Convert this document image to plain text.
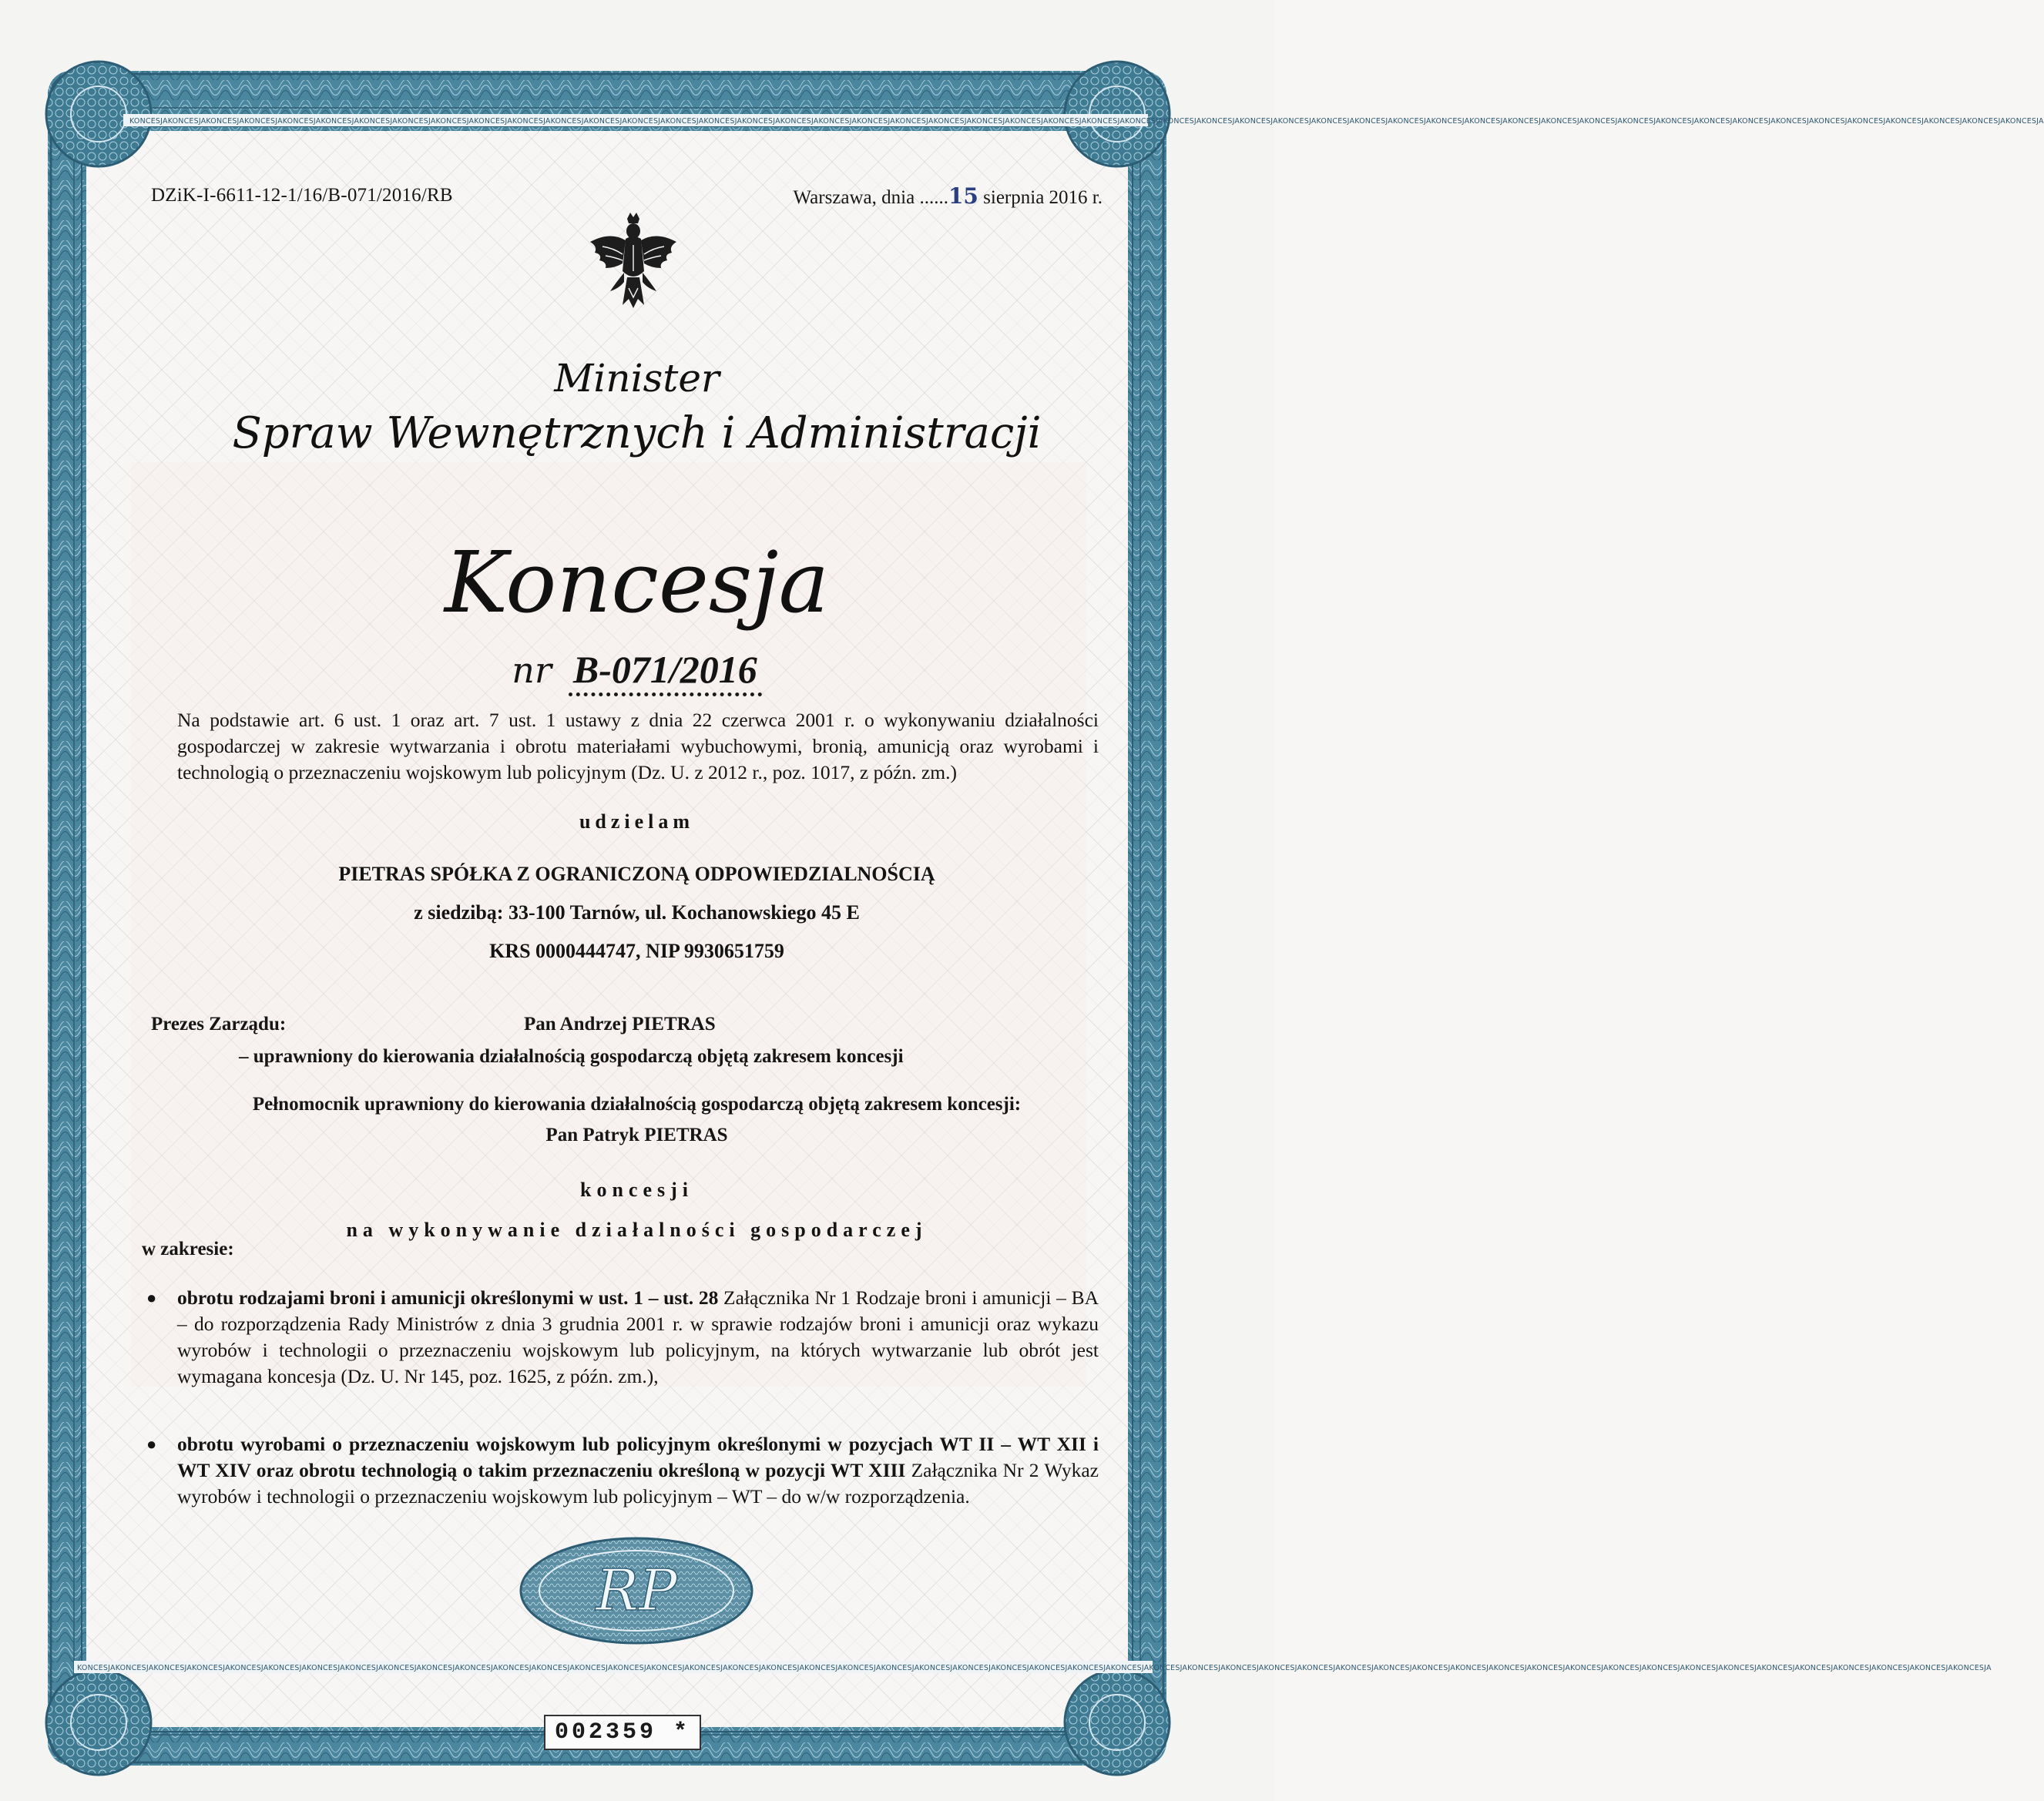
KONCESJAKONCESJAKONCESJAKONCESJAKONCESJAKONCESJAKONCESJAKONCESJAKONCESJAKONCESJAKONCESJAKONCESJAKONCESJAKONCESJAKONCESJAKONCESJAKONCESJAKONCESJAKONCESJAKONCESJAKONCESJAKONCESJAKONCESJAKONCESJAKONCESJAKONCESJAKONCESJAKONCESJAKONCESJAKONCESJAKONCESJAKONCESJAKONCESJAKONCESJAKONCESJAKONCESJAKONCESJAKONCESJAKONCESJAKONCESJAKONCESJAKONCESJAKONCESJAKONCESJAKONCESJAKONCESJAKONCESJAKONCESJAKONCESJAKONCESJA
KONCESJAKONCESJAKONCESJAKONCESJAKONCESJAKONCESJAKONCESJAKONCESJAKONCESJAKONCESJAKONCESJAKONCESJAKONCESJAKONCESJAKONCESJAKONCESJAKONCESJAKONCESJAKONCESJAKONCESJAKONCESJAKONCESJAKONCESJAKONCESJAKONCESJAKONCESJAKONCESJAKONCESJAKONCESJAKONCESJAKONCESJAKONCESJAKONCESJAKONCESJAKONCESJAKONCESJAKONCESJAKONCESJAKONCESJAKONCESJAKONCESJAKONCESJAKONCESJAKONCESJAKONCESJAKONCESJAKONCESJAKONCESJAKONCESJAKONCESJA
DZiK-I-6611-12-1/16/B-071/2016/RB	Warszawa, dnia ......15 sierpnia 2016 r.
Minister
Spraw Wewnętrznych i Administracji
Koncesja
nr B-071/2016
Na podstawie art. 6 ust. 1 oraz art. 7 ust. 1 ustawy z dnia 22 czerwca 2001 r. o wykonywaniu działalności gospodarczej w zakresie wytwarzania i obrotu materiałami wybuchowymi, bronią, amunicją oraz wyrobami i technologią o przeznaczeniu wojskowym lub policyjnym (Dz. U. z 2012 r., poz. 1017, z późn. zm.)
udzielam
PIETRAS SPÓŁKA Z OGRANICZONĄ ODPOWIEDZIALNOŚCIĄ
z siedzibą: 33-100 Tarnów, ul. Kochanowskiego 45 E
KRS 0000444747, NIP 9930651759
Prezes Zarządu:	Pan Andrzej PIETRAS
– uprawniony do kierowania działalnością gospodarczą objętą zakresem koncesji
Pełnomocnik uprawniony do kierowania działalnością gospodarczą objętą zakresem koncesji:
Pan Patryk PIETRAS
koncesji
w zakresie:
na wykonywanie działalności gospodarczej
● obrotu rodzajami broni i amunicji określonymi w ust. 1 – ust. 28 Załącznika Nr 1 Rodzaje broni i amunicji – BA – do rozporządzenia Rady Ministrów z dnia 3 grudnia 2001 r. w sprawie rodzajów broni i amunicji oraz wykazu wyrobów i technologii o przeznaczeniu wojskowym lub policyjnym, na których wytwarzanie lub obrót jest wymagana koncesja (Dz. U. Nr 145, poz. 1625, z późn. zm.),
● obrotu wyrobami o przeznaczeniu wojskowym lub policyjnym określonymi w pozycjach WT II – WT XII i WT XIV oraz obrotu technologią o takim przeznaczeniu określoną w pozycji WT XIII Załącznika Nr 2 Wykaz wyrobów i technologii o przeznaczeniu wojskowym lub policyjnym – WT – do w/w rozporządzenia.
RP
002359 *
